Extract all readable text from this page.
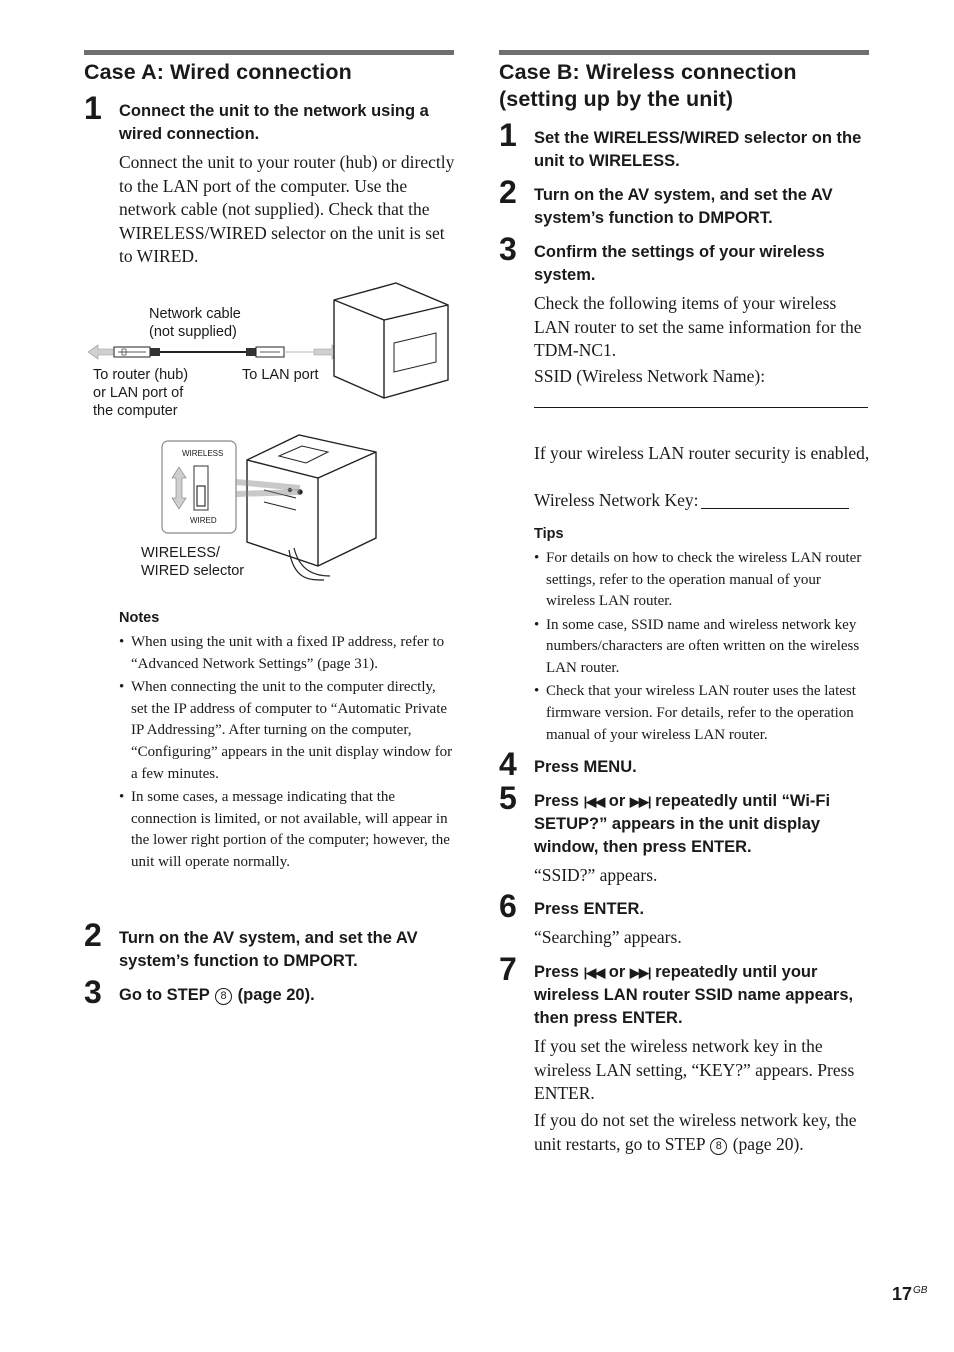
Case A: Wired connection
1 Connect the unit to the network using a wired connection.

Connect the unit to your router (hub) or directly to the LAN port of the computer. Use the network cable (not supplied). Check that the WIRELESS/WIRED selector on the unit is set to WIRED.

Network cable
(not supplied)
To router (hub)
or LAN port of
the computer
To LAN port
WIRELESS
WIRED
WIRELESS/
WIRED selector
Notes
• When using the unit with a fixed IP address, refer to “Advanced Network Settings” (page 31).
• When connecting the unit to the computer directly, set the IP address of computer to “Automatic Private IP Addressing”. After turning on the computer, “Configuring” appears in the unit display window for a few minutes.
• In some cases, a message indicating that the connection is limited, or not available, will appear in the lower right portion of the computer; however, the unit will operate normally.
2 Turn on the AV system, and set the AV system’s function to DMPORT.

3 Go to STEP 8 (page 20).

Case B: Wireless connection
(setting up by the unit)
1 Set the WIRELESS/WIRED selector on the unit to WIRELESS.

2 Turn on the AV system, and set the AV system’s function to DMPORT.

3 Confirm the settings of your wireless system.

Check the following items of your wireless LAN router to set the same information for the TDM-NC1.

SSID (Wireless Network Name):

If your wireless LAN router security is enabled,

Wireless Network Key:

Tips
• For details on how to check the wireless LAN router settings, refer to the operation manual of your wireless LAN router.
• In some case, SSID name and wireless network key numbers/characters are often written on the wireless LAN router.
• Check that your wireless LAN router uses the latest firmware version. For details, refer to the operation manual of your wireless LAN router.
4 Press MENU.

5 Press |◀◀ or ▶▶| repeatedly until “Wi-Fi SETUP?” appears in the unit display window, then press ENTER.

“SSID?” appears.

6 Press ENTER.

“Searching” appears.

7 Press |◀◀ or ▶▶| repeatedly until your wireless LAN router SSID name appears, then press ENTER.

If you set the wireless network key in the wireless LAN setting, “KEY?” appears. Press ENTER.

If you do not set the wireless network key, the unit restarts, go to STEP 8 (page 20).

$17^{GB}$
